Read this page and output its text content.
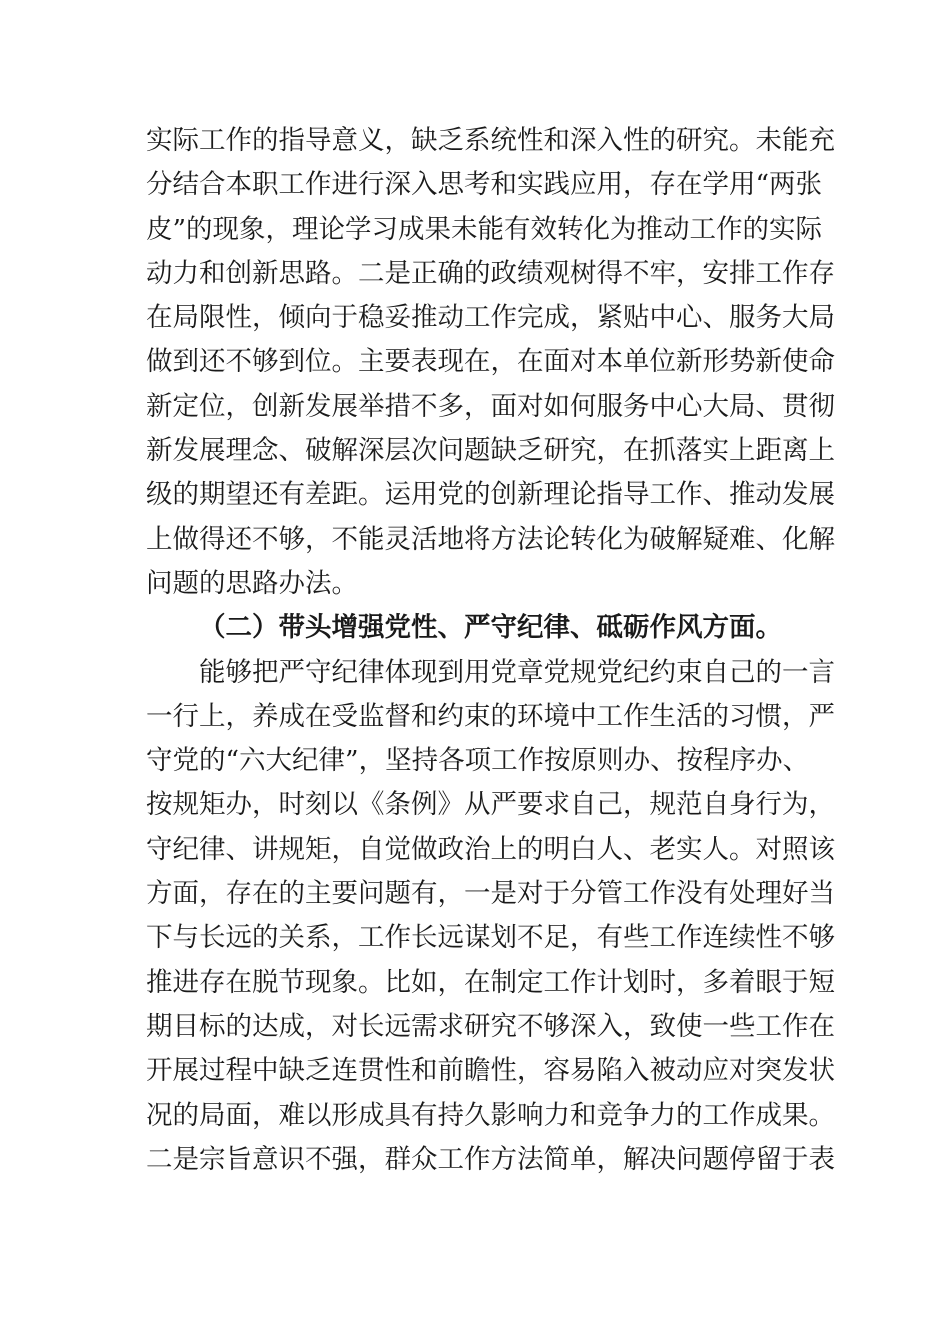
实际工作的指导意义，缺乏系统性和深入性的研究。未能充
分结合本职工作进行深入思考和实践应用，存在学用“两张
皮”的现象，理论学习成果未能有效转化为推动工作的实际
动力和创新思路。二是正确的政绩观树得不牢，安排工作存
在局限性，倾向于稳妥推动工作完成，紧贴中心、服务大局
做到还不够到位。主要表现在，在面对本单位新形势新使命
新定位，创新发展举措不多，面对如何服务中心大局、贯彻
新发展理念、破解深层次问题缺乏研究，在抓落实上距离上
级的期望还有差距。运用党的创新理论指导工作、推动发展
上做得还不够，不能灵活地将方法论转化为破解疑难、化解
问题的思路办法。
（二）带头增强党性、严守纪律、砥砺作风方面。
能够把严守纪律体现到用党章党规党纪约束自己的一言
一行上，养成在受监督和约束的环境中工作生活的习惯，严
守党的“六大纪律”，坚持各项工作按原则办、按程序办、
按规矩办，时刻以《条例》从严要求自己，规范自身行为，
守纪律、讲规矩，自觉做政治上的明白人、老实人。对照该
方面，存在的主要问题有，一是对于分管工作没有处理好当
下与长远的关系，工作长远谋划不足，有些工作连续性不够
推进存在脱节现象。比如，在制定工作计划时，多着眼于短
期目标的达成，对长远需求研究不够深入，致使一些工作在
开展过程中缺乏连贯性和前瞻性，容易陷入被动应对突发状
况的局面，难以形成具有持久影响力和竞争力的工作成果。
二是宗旨意识不强，群众工作方法简单，解决问题停留于表
